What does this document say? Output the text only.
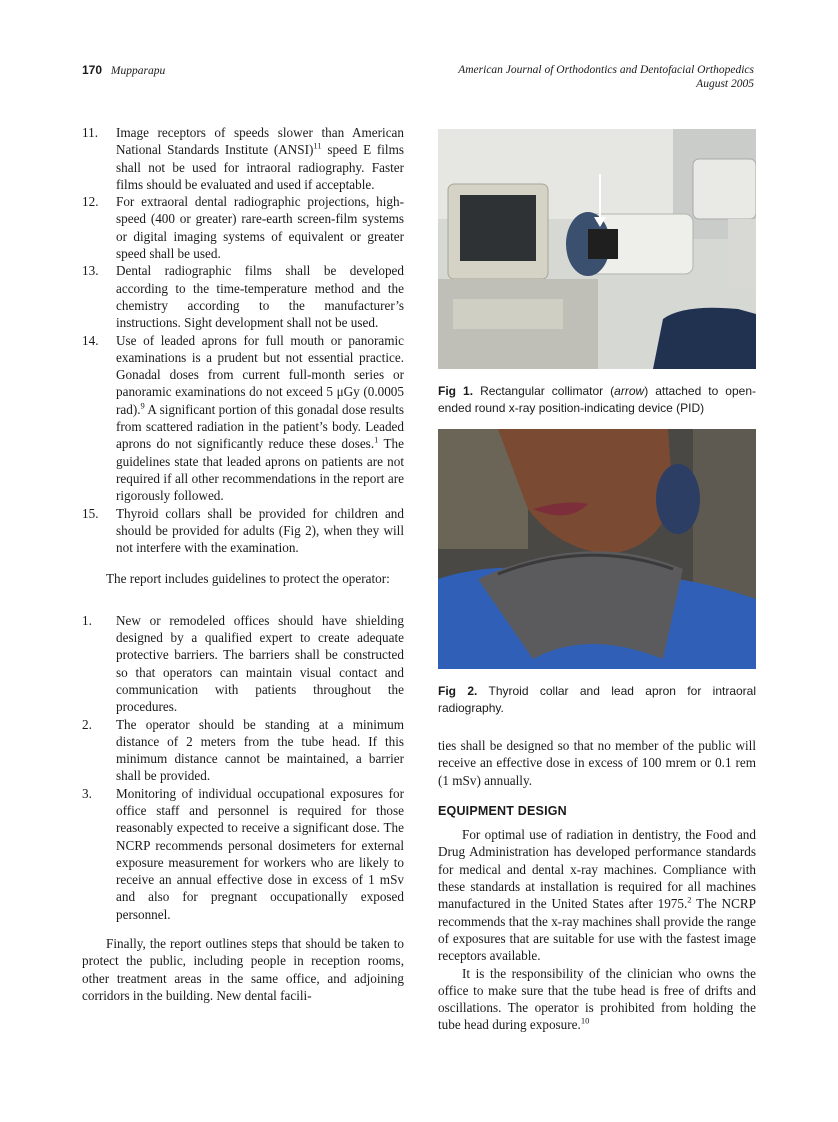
170 Mupparapu	American Journal of Orthodontics and Dentofacial Orthopedics
August 2005
11. Image receptors of speeds slower than American National Standards Institute (ANSI)$^{11}$ speed E films shall not be used for intraoral radiography. Faster films should be evaluated and used if acceptable.
12. For extraoral dental radiographic projections, high-speed (400 or greater) rare-earth screen-film systems or digital imaging systems of equivalent or greater speed shall be used.
13. Dental radiographic films shall be developed according to the time-temperature method and the chemistry according to the manufacturer’s instructions. Sight development shall not be used.
14. Use of leaded aprons for full mouth or panoramic examinations is a prudent but not essential practice. Gonadal doses from current full-month series or panoramic examinations do not exceed 5 μGy (0.0005 rad).$^9$ A significant portion of this gonadal dose results from scattered radiation in the patient’s body. Leaded aprons do not significantly reduce these doses.$^1$ The guidelines state that leaded aprons on patients are not required if all other recommendations in the report are rigorously followed.
15. Thyroid collars shall be provided for children and should be provided for adults (Fig 2), when they will not interfere with the examination.

The report includes guidelines to protect the operator:

1. New or remodeled offices should have shielding designed by a qualified expert to create adequate protective barriers. The barriers shall be constructed so that operators can maintain visual contact and communication with patients throughout the procedures.
2. The operator should be standing at a minimum distance of 2 meters from the tube head. If this minimum distance cannot be maintained, a barrier shall be provided.
3. Monitoring of individual occupational exposures for office staff and personnel is required for those reasonably expected to receive a significant dose. The NCRP recommends personal dosimeters for external exposure measurement for workers who are likely to receive an annual effective dose in excess of 1 mSv and also for pregnant occupationally exposed personnel.

Finally, the report outlines steps that should be taken to protect the public, including people in reception rooms, other treatment areas in the same office, and adjoining corridors in the building. New dental facili-

Fig 1. Rectangular collimator (arrow) attached to open-ended round x-ray position-indicating device (PID)

Fig 2. Thyroid collar and lead apron for intraoral radiography.

ties shall be designed so that no member of the public will receive an effective dose in excess of 100 mrem or 0.1 rem (1 mSv) annually.

EQUIPMENT DESIGN

For optimal use of radiation in dentistry, the Food and Drug Administration has developed performance standards for medical and dental x-ray machines. Compliance with these standards at installation is required for all machines manufactured in the United States after 1975.$^2$ The NCRP recommends that the x-ray machines shall provide the range of exposures that are suitable for use with the fastest image receptors available.

It is the responsibility of the clinician who owns the office to make sure that the tube head is free of drifts and oscillations. The operator is prohibited from holding the tube head during exposure.$^{10}$
